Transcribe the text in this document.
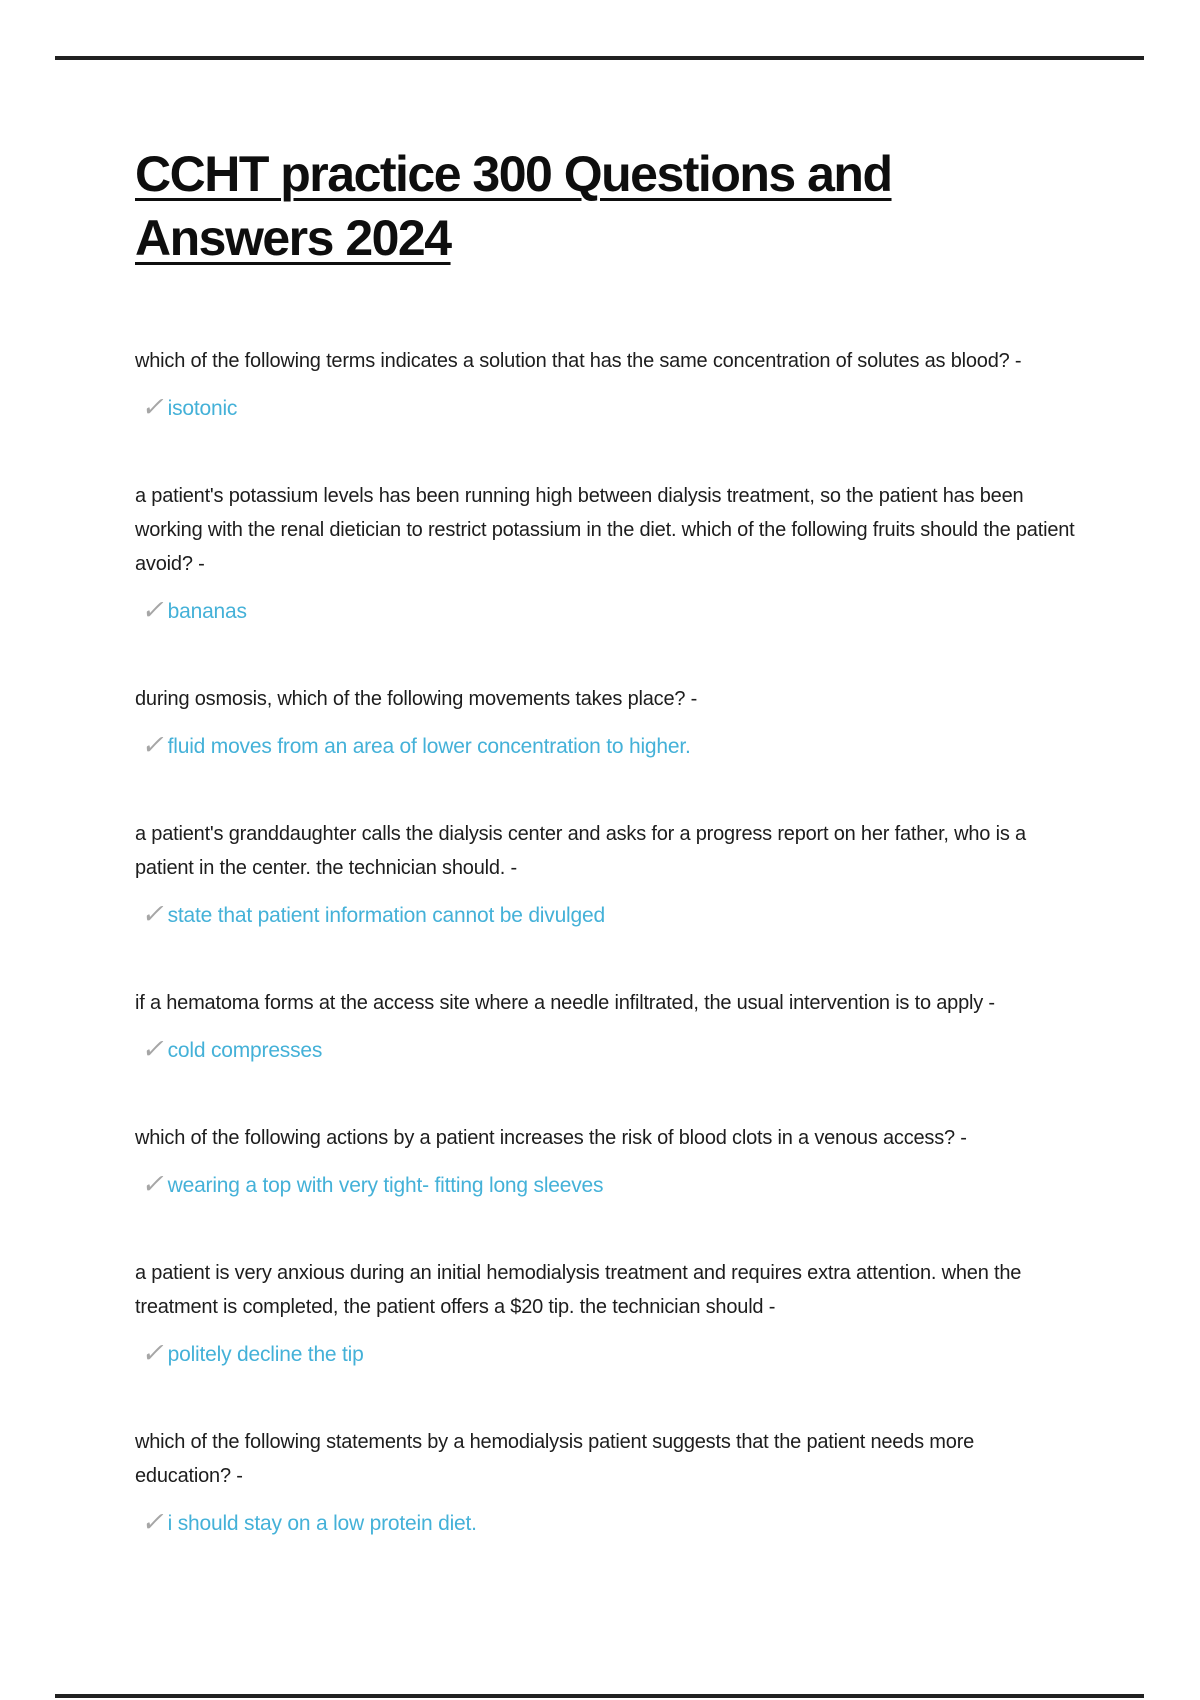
CCHT practice 300 Questions and Answers 2024

which of the following terms indicates a solution that has the same concentration of solutes as blood? -

✓ isotonic

a patient's potassium levels has been running high between dialysis treatment, so the patient has been working with the renal dietician to restrict potassium in the diet. which of the following fruits should the patient avoid? -

✓ bananas

during osmosis, which of the following movements takes place? -

✓ fluid moves from an area of lower concentration to higher.

a patient's granddaughter calls the dialysis center and asks for a progress report on her father, who is a patient in the center. the technician should. -

✓ state that patient information cannot be divulged

if a hematoma forms at the access site where a needle infiltrated, the usual intervention is to apply -

✓ cold compresses

which of the following actions by a patient increases the risk of blood clots in a venous access? -

✓ wearing a top with very tight- fitting long sleeves

a patient is very anxious during an initial hemodialysis treatment and requires extra attention. when the treatment is completed, the patient offers a $20 tip. the technician should -

✓ politely decline the tip

which of the following statements by a hemodialysis patient suggests that the patient needs more education? -

✓ i should stay on a low protein diet.
